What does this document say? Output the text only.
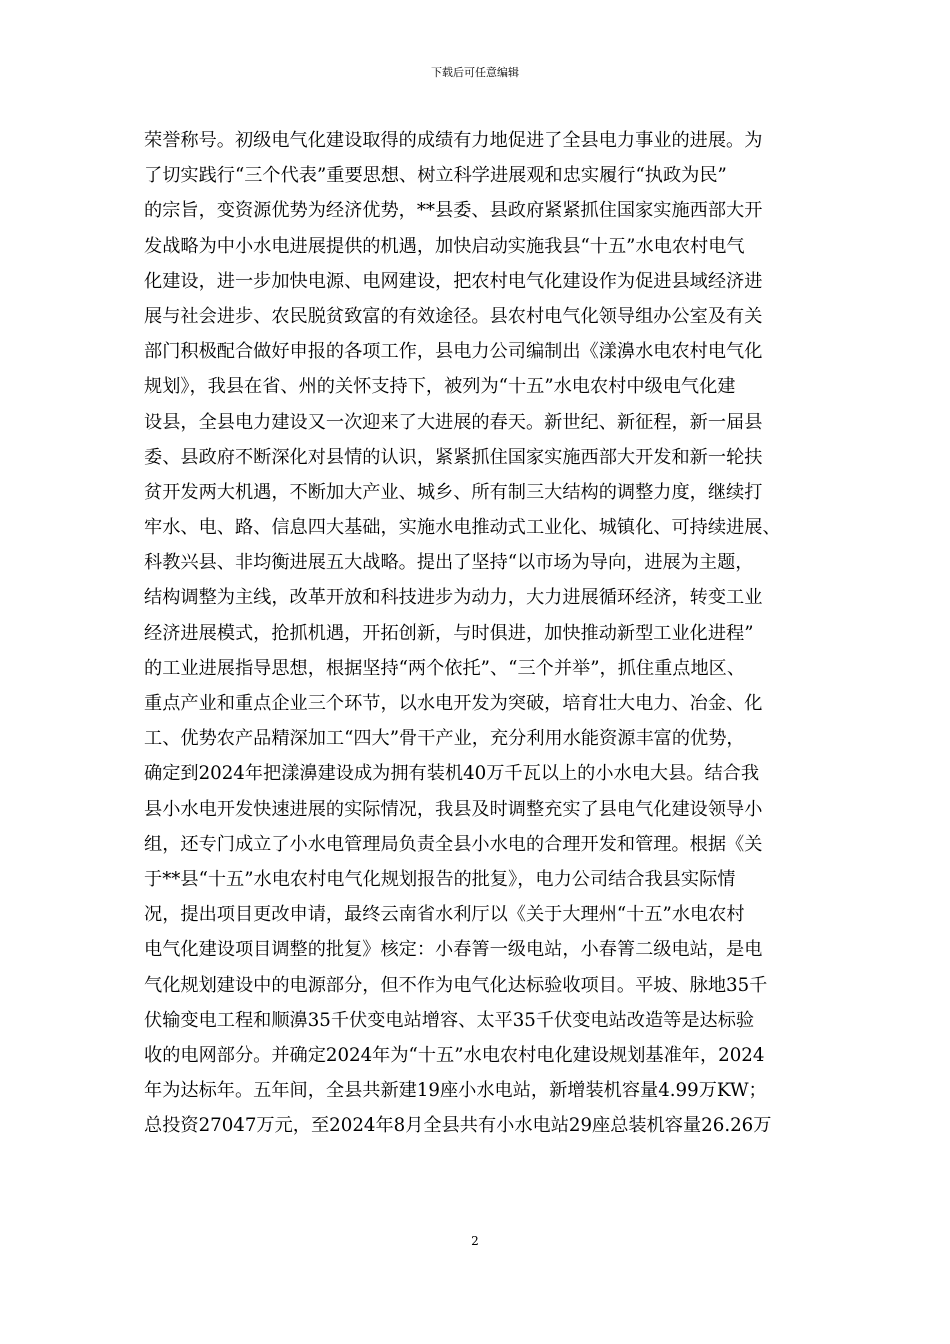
下载后可任意编辑
荣誉称号。初级电气化建设取得的成绩有力地促进了全县电力事业的进展。为
了切实践行“三个代表”重要思想、树立科学进展观和忠实履行“执政为民”
的宗旨，变资源优势为经济优势，**县委、县政府紧紧抓住国家实施西部大开
发战略为中小水电进展提供的机遇，加快启动实施我县“十五”水电农村电气
化建设，进一步加快电源、电网建设，把农村电气化建设作为促进县域经济进
展与社会进步、农民脱贫致富的有效途径。县农村电气化领导组办公室及有关
部门积极配合做好申报的各项工作，县电力公司编制出《漾濞水电农村电气化
规划》，我县在省、州的关怀支持下，被列为“十五”水电农村中级电气化建
设县，全县电力建设又一次迎来了大进展的春天。新世纪、新征程，新一届县
委、县政府不断深化对县情的认识，紧紧抓住国家实施西部大开发和新一轮扶
贫开发两大机遇，不断加大产业、城乡、所有制三大结构的调整力度，继续打
牢水、电、路、信息四大基础，实施水电推动式工业化、城镇化、可持续进展、
科教兴县、非均衡进展五大战略。提出了坚持“以市场为导向，进展为主题，
结构调整为主线，改革开放和科技进步为动力，大力进展循环经济，转变工业
经济进展模式，抢抓机遇，开拓创新，与时俱进，加快推动新型工业化进程”
的工业进展指导思想，根据坚持“两个依托”、“三个并举”，抓住重点地区、
重点产业和重点企业三个环节，以水电开发为突破，培育壮大电力、冶金、化
工、优势农产品精深加工“四大”骨干产业，充分利用水能资源丰富的优势，
确定到2024年把漾濞建设成为拥有装机40万千瓦以上的小水电大县。结合我
县小水电开发快速进展的实际情况，我县及时调整充实了县电气化建设领导小
组，还专门成立了小水电管理局负责全县小水电的合理开发和管理。根据《关
于**县“十五”水电农村电气化规划报告的批复》，电力公司结合我县实际情
况，提出项目更改申请，最终云南省水利厅以《关于大理州“十五”水电农村
电气化建设项目调整的批复》核定：小春箐一级电站，小春箐二级电站，是电
气化规划建设中的电源部分，但不作为电气化达标验收项目。平坡、脉地35千
伏输变电工程和顺濞35千伏变电站增容、太平35千伏变电站改造等是达标验
收的电网部分。并确定2024年为“十五”水电农村电化建设规划基准年，2024
年为达标年。五年间，全县共新建19座小水电站，新增装机容量4.99万KW；
总投资27047万元，至2024年8月全县共有小水电站29座总装机容量26.26万
2
